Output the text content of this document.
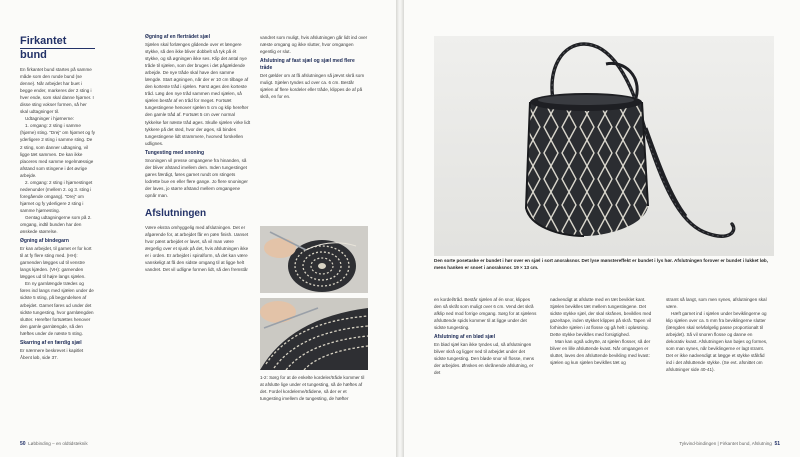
Firkantet bund

En firkantet bund startes på samme måde som den runde bund (se denne). Når arbejdet har buet i begge ender, markeres der 2 sting i hver ende, som skal danne hjørner. I disse sting vokser formen, så her skal udtagninger til.

Udtagninger i hjørnerne:

1. omgang: 2 sting i samme (hjørne) sting. "Drej" om hjørnet og fy yderligere 2 sting i samme sting. De 2 sting, som danner udtagning, vil ligge tæt sammen. De kan ikke placeres med samme regelmæssige afstand som stingene i det øvrige arbejde.

2. omgang: 2 sting i hjørnestinget nedenunder (mellem 2. og 3. sting i foregående omgang). "Drej" om hjørnet og fy yderligere 2 sting i samme hjørnesting.

Gentag udtagningerne som på 2. omgang, indtil bunden har den ønskede størrelse.

Øgning af bindegarn

Er kan arbejdet, til garnet er for kort til at fy flere sting med. (HH): garnenden lægges ud til venstre langs kjæden. (VH): garnenden lægges ud til højre langs sjælen.

En ny garnlængde trædes og føres ind langs med sjælen under de sidste 5 sting, på begyndelsen af arbejdet. Garnet føres ud under det sidste tungesting, hvor garnlængden slutter. Herefter fortsættes henover den gamle garnlængde, så den hæftes under de næste 5 sting.

Skarring af en færdig sjæl

Er nærmere beskrevet i kapitlet Åbent løb, side 37.

Øgning af en flertrådet sjæl

Sjælen skal forlænges glidende over et længere stykke, så den ikke bliver dobbelt så tyk på ét stykke, og så øgningen ikke ses. Klip det antal nye tråde til sjælen, som der bruges i det pågældende arbejde. De nye tråde skal have den samme længde. Start øgningen, når der er 10 cm tilbage af den korteste tråd i sjælen. Først øges den korteste tråd. Læg den nye tråd sammen med sjælen, så sjælen består af en tråd for meget. Fortsæt tungestingene henover sjælen 5 cm og klip herefter den gamle tråd af. Fortsæt 5 cm over normal tykkelse før næste tråd øges. Skulle sjælen virke lidt tykkere på det sted, hvor der øges, så bindes tungestingene lidt strammere, hvorved forskellen udlignes.

Tungesting med snoning

Snoningen vil presse omgangene fra hinanden, så der bliver afstand imellem dem. Inden tungestinget gøres færdigt, føres garnet rundt om stingets lodrette bue en eller flere gange. Jo flere snoninger der laves, jo større afstand mellem omgangene opnår man.

Afslutningen

Være ekstra omhyggelig med afslutningen. Det er afgørende for, at arbejdet får en pæn finish. Uanset hvor pænt arbejdet er lavet, så vil man være ærgerlig over et sjusk på det, hvis afslutningen ikke er i orden. Er arbejdet i spiralform, så det kan være vanskeligt at få den sidste omgang til at ligge helt vandret. Det vil udligne formen lidt, så den fremstår

vandret som muligt, hvis afslutningen går lidt ind over næste omgang og ikke slutter, hvor omgangen egentlig er slut.

Afslutning af fast sjæl og sjæl med flere tråde

Det gælder om at få afslutningen så jævnt skrå som muligt. Sjælen tyndes ud over ca. 6 cm. Består sjælen af flere kordeler eller tråde, klippes de af på skrå, en for en.

1-2: Sørg for at de enkelte kordeler/tråde kommer til at afslutte lige under et tungesting, så de hæftes af det. Fordel kordelerne/trådene, så der er et tungesting imellem de tungesting, de hæfter

50 Løbbinding – en oldtidsteknik
Den sorte posetaske er bundet i hør over en sjæl i sort anoraksnor. Det lyse mønstereffekt er bundet i lys hør. Afslutningen forover er bundet i lukket løb, mens hanken er snoet i anoraksnor. 19 × 13 cm.

en kordel/tråd. Består sjælen af én snor, klippes den så skråt som muligt over 6 cm. Vend det skrå afklip ned mod forrige omgang. Sørg for at sjælens afsluttende spids kommer til at ligge under det sidste tungesting.

Afslutning af en blød sjæl

En blød sjæl kan ikke tyndes ud, så afslutningen bliver skrå og ligger ned til arbejdet under det sidste tungesting. Den bløde snor vil flosse, mens der arbejdes. Ønskes en skrånende afslutning, er det

nødvendigt at afslutte med en tæt beviklet kant. Sjælen beviklles tæt mellem tungestingene. Det sidste stykke sjæl, der skal skrånes, beviklles med gaze/tape, inden stykket klippes på skrå. Tapen vil forhindre sjælen i at flosse og gå helt i opløsning. Dette stykke beviklles med forsigtighed.

Man kan også udnytte, at sjælen flosser, så der bliver en lille afsluttende kvast. Når omgangen er sluttet, laves den afsluttende bevikling med kvast: sjælen og kun sjælen beviklles tæt og

stramt så langt, som men synes, afslutningen skal være.

Hæft garnet ind i sjælen under beviklingerne og klip sjælen over ca. 5 mm fra beviklingerne slutter (længden skal selvfølgelig passe proportionalt til arbejdet). Så vil snoren flosse og danne en dekorativ kvast. Afslutningen kan bøjes og formes, som man synes, når beviklingerne er lagt stramt. Det er ikke nødvendigt at lægge et stykke stålråd ind i det afsluttende stykke. (Se evt. afsnittet om afslutninger side 40-41).

Tykvind-bindingen | Firkantet bund, Afslutning 51
